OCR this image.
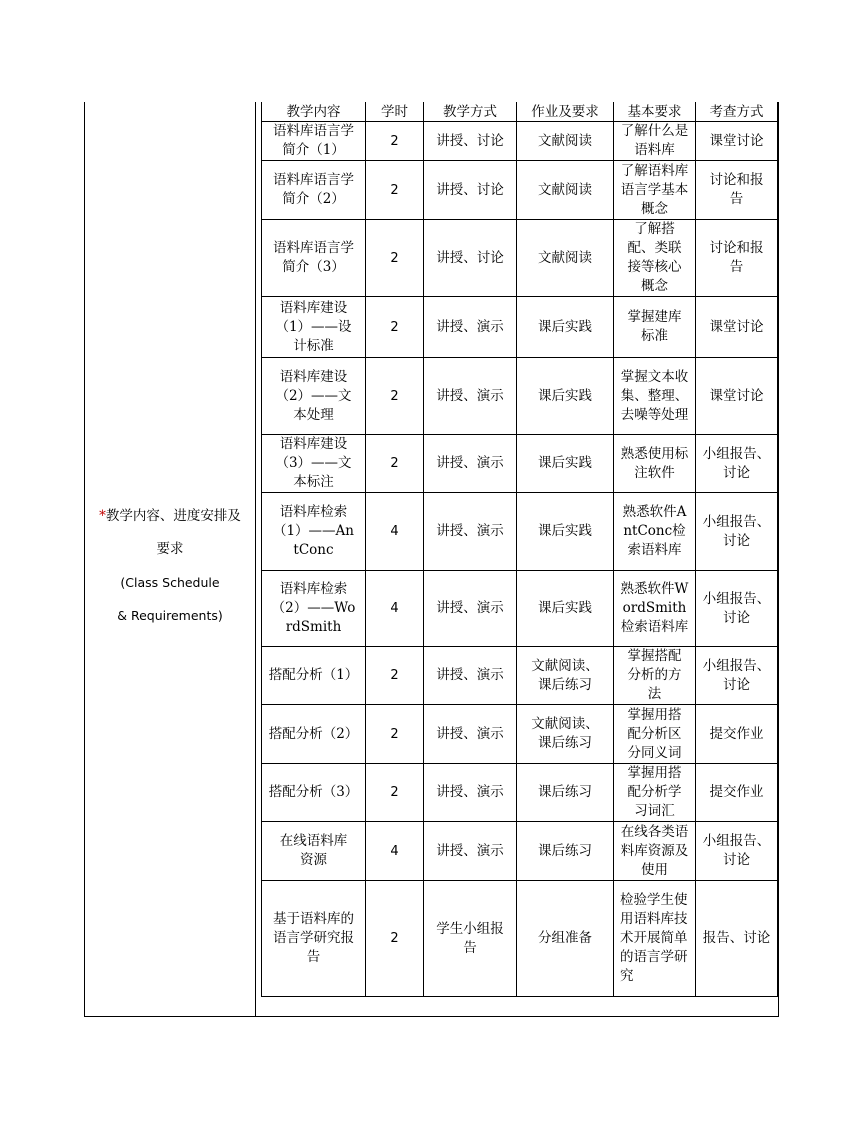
*教学内容、进度安排及
要求
(Class Schedule
& Requirements)
教学内容	学时	教学方式	作业及要求	基本要求	考查方式
语料库语言学简介（1）	2	讲授、讨论	文献阅读	了解什么是语料库	课堂讨论
语料库语言学简介（2）	2	讲授、讨论	文献阅读	了解语料库语言学基本概念	讨论和报告
语料库语言学简介（3）	2	讲授、讨论	文献阅读	了解搭配、类联接等核心概念	讨论和报告
语料库建设（1）——设计标准	2	讲授、演示	课后实践	掌握建库标准	课堂讨论
语料库建设（2）——文本处理	2	讲授、演示	课后实践	掌握文本收集、整理、去噪等处理	课堂讨论
语料库建设（3）——文本标注	2	讲授、演示	课后实践	熟悉使用标注软件	小组报告、讨论
语料库检索（1）——AntConc	4	讲授、演示	课后实践	熟悉软件AntConc检索语料库	小组报告、讨论
语料库检索（2）——WordSmith	4	讲授、演示	课后实践	熟悉软件WordSmith检索语料库	小组报告、讨论
搭配分析（1）	2	讲授、演示	文献阅读、课后练习	掌握搭配分析的方法	小组报告、讨论
搭配分析（2）	2	讲授、演示	文献阅读、课后练习	掌握用搭配分析区分同义词	提交作业
搭配分析（3）	2	讲授、演示	课后练习	掌握用搭配分析学习词汇	提交作业
在线语料库资源	4	讲授、演示	课后练习	在线各类语料库资源及使用	小组报告、讨论
基于语料库的语言学研究报告	2	学生小组报告	分组准备	检验学生使用语料库技术开展简单的语言学研究	报告、讨论
